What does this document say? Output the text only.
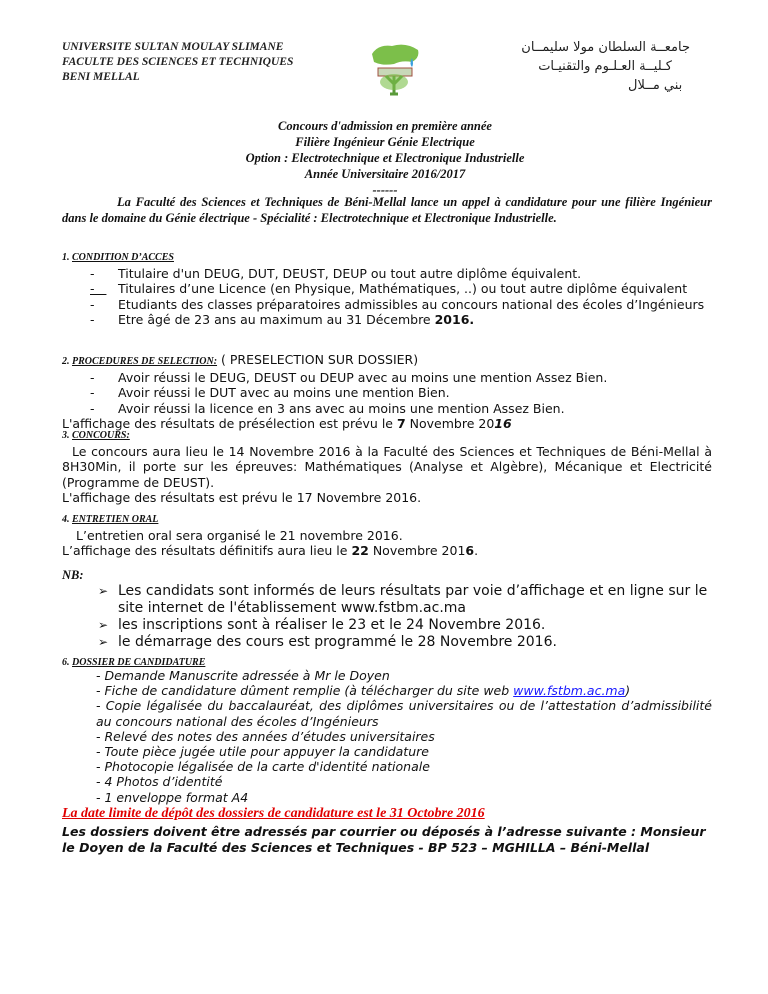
UNIVERSITE SULTAN MOULAY SLIMANE
FACULTE DES SCIENCES ET TECHNIQUES
BENI MELLAL
جامعــة السلطان مولا سليمــان
كـليــة العـلـوم والتقنيـات
بني مــلال
Concours d'admission en première année
Filière Ingénieur Génie Electrique
Option : Electrotechnique et Electronique Industrielle
Année Universitaire 2016/2017
------
La Faculté des Sciences et Techniques de Béni-Mellal lance un appel à candidature pour une filière Ingénieur dans le domaine du Génie électrique - Spécialité : Electrotechnique et Electronique Industrielle.
1. CONDITION D’ACCES
- Titulaire d'un DEUG, DUT, DEUST, DEUP ou tout autre diplôme équivalent.
- Titulaires d’une Licence (en Physique, Mathématiques, ..) ou tout autre diplôme équivalent
- Etudiants des classes préparatoires admissibles au concours national des écoles d’Ingénieurs
- Etre âgé de 23 ans au maximum au 31 Décembre 2016.
2. PROCEDURES DE SELECTION: ( PRESELECTION SUR DOSSIER)
- Avoir réussi le DEUG, DEUST ou DEUP avec au moins une mention Assez Bien.
- Avoir réussi le DUT avec au moins une mention Bien.
- Avoir réussi la licence en 3 ans avec au moins une mention Assez Bien.
L'affichage des résultats de présélection est prévu le 7 Novembre 2016
3. CONCOURS:
Le concours aura lieu le 14 Novembre 2016 à la Faculté des Sciences et Techniques de Béni-Mellal à 8H30Min, il porte sur les épreuves: Mathématiques (Analyse et Algèbre), Mécanique et Electricité (Programme de DEUST).
L'affichage des résultats est prévu le 17 Novembre 2016.
4. ENTRETIEN ORAL
L’entretien oral sera organisé le 21 novembre 2016.
L’affichage des résultats définitifs aura lieu le 22 Novembre 2016.
NB:
➢ Les candidats sont informés de leurs résultats par voie d’affichage et en ligne sur le site internet de l'établissement www.fstbm.ac.ma
➢ les inscriptions sont à réaliser le 23 et le 24 Novembre 2016.
➢ le démarrage des cours est programmé le 28 Novembre 2016.
6. DOSSIER DE CANDIDATURE
- Demande Manuscrite adressée à Mr le Doyen
- Fiche de candidature dûment remplie (à télécharger du site web www.fstbm.ac.ma)
- Copie légalisée du baccalauréat, des diplômes universitaires ou de l’attestation d’admissibilité au concours national des écoles d’Ingénieurs
- Relevé des notes des années d’études universitaires
- Toute pièce jugée utile pour appuyer la candidature
- Photocopie légalisée de la carte d'identité nationale
- 4 Photos d’identité
- 1 enveloppe format A4
La date limite de dépôt des dossiers de candidature est le 31 Octobre 2016
Les dossiers doivent être adressés par courrier ou déposés à l’adresse suivante : Monsieur le Doyen de la Faculté des Sciences et Techniques - BP 523 – MGHILLA – Béni-Mellal
